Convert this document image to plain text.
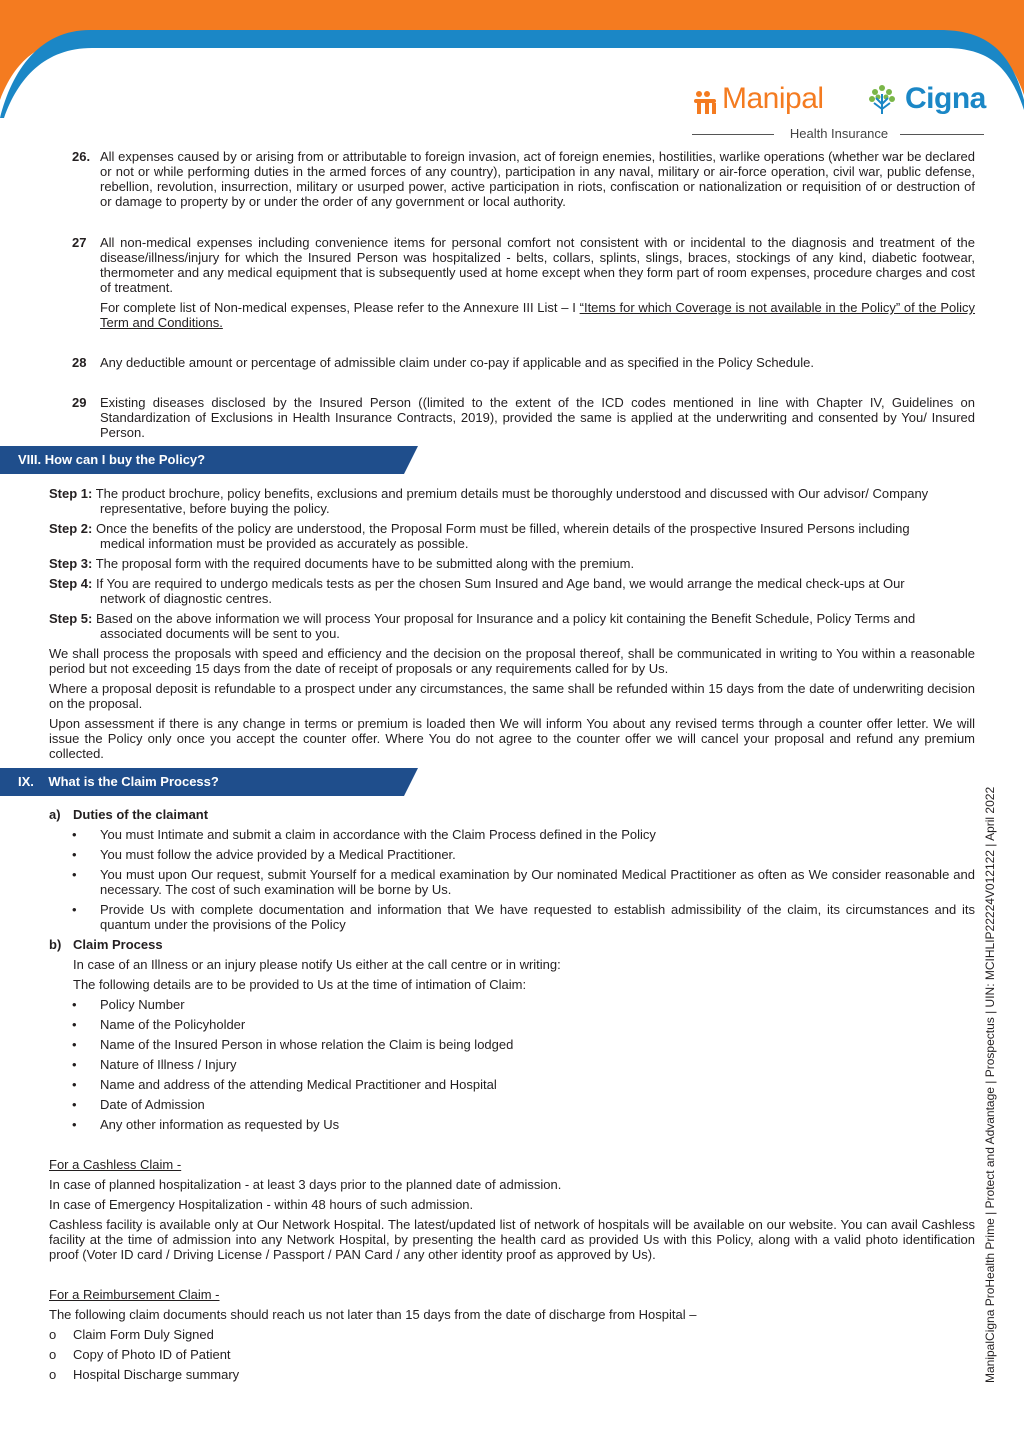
Manipal	Cigna
Health Insurance
ManipalCigna ProHealth Prime | Protect and Advantage | Prospectus | UIN: MCIHLIP22224V012122 | April 2022
26. All expenses caused by or arising from or attributable to foreign invasion, act of foreign enemies, hostilities, warlike operations (whether war be declared or not or while performing duties in the armed forces of any country), participation in any naval, military or air-force operation, civil war, public defense, rebellion, revolution, insurrection, military or usurped power, active participation in riots, confiscation or nationalization or requisition of or destruction of or damage to property by or under the order of any government or local authority.
27 All non-medical expenses including convenience items for personal comfort not consistent with or incidental to the diagnosis and treatment of the disease/illness/injury for which the Insured Person was hospitalized - belts, collars, splints, slings, braces, stockings of any kind, diabetic footwear, thermometer and any medical equipment that is subsequently used at home except when they form part of room expenses, procedure charges and cost of treatment.
For complete list of Non-medical expenses, Please refer to the Annexure III List – I “Items for which Coverage is not available in the Policy” of the Policy Term and Conditions.
28 Any deductible amount or percentage of admissible claim under co-pay if applicable and as specified in the Policy Schedule.
29 Existing diseases disclosed by the Insured Person ((limited to the extent of the ICD codes mentioned in line with Chapter IV, Guidelines on Standardization of Exclusions in Health Insurance Contracts, 2019), provided the same is applied at the underwriting and consented by You/ Insured Person.
VIII. How can I buy the Policy?
Step 1: The product brochure, policy benefits, exclusions and premium details must be thoroughly understood and discussed with Our advisor/ Company
representative, before buying the policy.
Step 2: Once the benefits of the policy are understood, the Proposal Form must be filled, wherein details of the prospective Insured Persons including
medical information must be provided as accurately as possible.
Step 3: The proposal form with the required documents have to be submitted along with the premium.
Step 4: If You are required to undergo medicals tests as per the chosen Sum Insured and Age band, we would arrange the medical check-ups at Our
network of diagnostic centres.
Step 5: Based on the above information we will process Your proposal for Insurance and a policy kit containing the Benefit Schedule, Policy Terms and
associated documents will be sent to you.
We shall process the proposals with speed and efficiency and the decision on the proposal thereof, shall be communicated in writing to You within a reasonable period but not exceeding 15 days from the date of receipt of proposals or any requirements called for by Us.
Where a proposal deposit is refundable to a prospect under any circumstances, the same shall be refunded within 15 days from the date of underwriting decision on the proposal.
Upon assessment if there is any change in terms or premium is loaded then We will inform You about any revised terms through a counter offer letter. We will issue the Policy only once you accept the counter offer. Where You do not agree to the counter offer we will cancel your proposal and refund any premium collected.
IX.    What is the Claim Process?
a) Duties of the claimant
• You must Intimate and submit a claim in accordance with the Claim Process defined in the Policy
• You must follow the advice provided by a Medical Practitioner.
• You must upon Our request, submit Yourself for a medical examination by Our nominated Medical Practitioner as often as We consider reasonable and necessary. The cost of such examination will be borne by Us.
• Provide Us with complete documentation and information that We have requested to establish admissibility of the claim, its circumstances and its quantum under the provisions of the Policy
b) Claim Process
In case of an Illness or an injury please notify Us either at the call centre or in writing:
The following details are to be provided to Us at the time of intimation of Claim:
• Policy Number
• Name of the Policyholder
• Name of the Insured Person in whose relation the Claim is being lodged
• Nature of Illness / Injury
• Name and address of the attending Medical Practitioner and Hospital
• Date of Admission
• Any other information as requested by Us
For a Cashless Claim -
In case of planned hospitalization - at least 3 days prior to the planned date of admission.
In case of Emergency Hospitalization - within 48 hours of such admission.
Cashless facility is available only at Our Network Hospital. The latest/updated list of network of hospitals will be available on our website. You can avail Cashless facility at the time of admission into any Network Hospital, by presenting the health card as provided Us with this Policy, along with a valid photo identification proof (Voter ID card / Driving License / Passport / PAN Card / any other identity proof as approved by Us).
For a Reimbursement Claim -
The following claim documents should reach us not later than 15 days from the date of discharge from Hospital –
o Claim Form Duly Signed
o Copy of Photo ID of Patient
o Hospital Discharge summary
